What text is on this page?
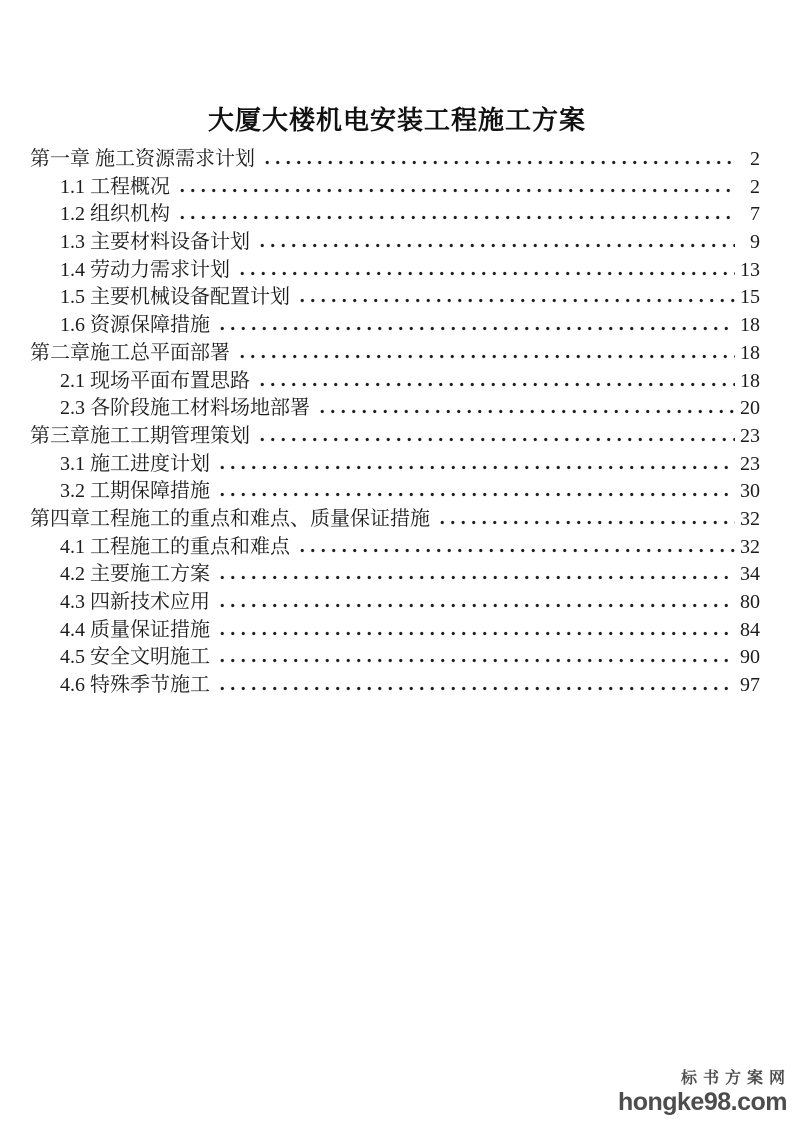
大厦大楼机电安装工程施工方案
第一章 施工资源需求计划	2
1.1 工程概况	2
1.2 组织机构	7
1.3 主要材料设备计划	9
1.4 劳动力需求计划	13
1.5 主要机械设备配置计划	15
1.6 资源保障措施	18
第二章施工总平面部署	18
2.1 现场平面布置思路	18
2.3 各阶段施工材料场地部署	20
第三章施工工期管理策划	23
3.1 施工进度计划	23
3.2 工期保障措施	30
第四章工程施工的重点和难点、质量保证措施	32
4.1 工程施工的重点和难点	32
4.2 主要施工方案	34
4.3 四新技术应用	80
4.4 质量保证措施	84
4.5 安全文明施工	90
4.6 特殊季节施工	97
标书方案网
hongke98.com
